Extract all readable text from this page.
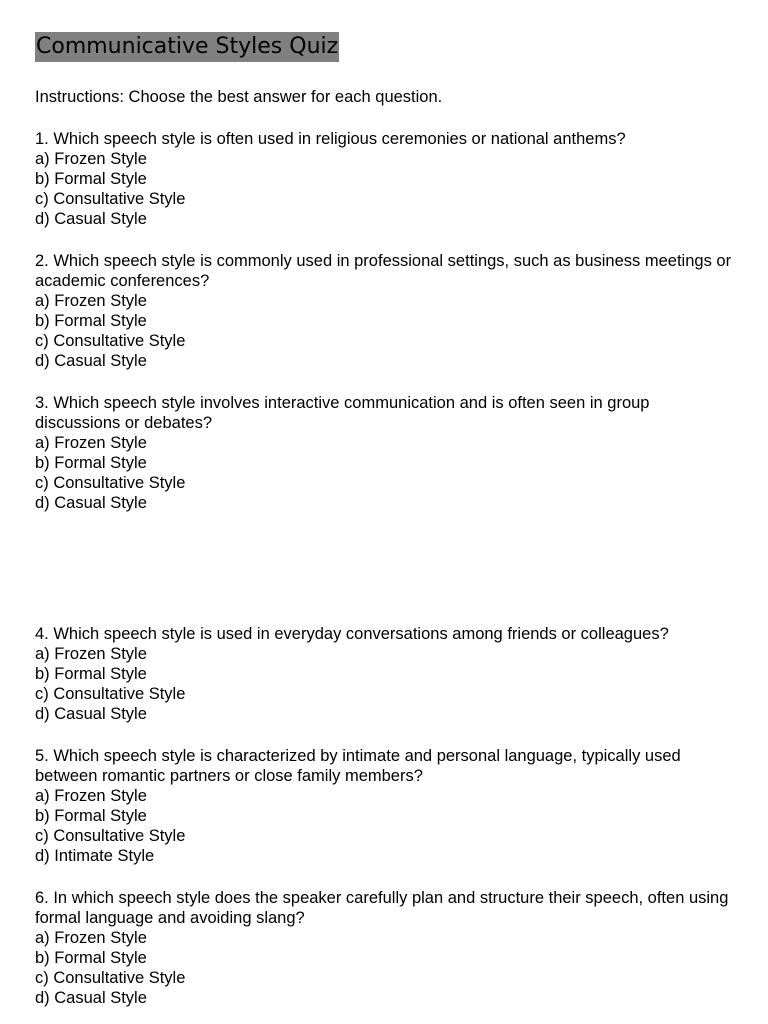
Communicative Styles Quiz
Instructions: Choose the best answer for each question.

1. Which speech style is often used in religious ceremonies or national anthems?

a) Frozen Style
b) Formal Style
c) Consultative Style
d) Casual Style

2. Which speech style is commonly used in professional settings, such as business meetings or academic conferences?

a) Frozen Style
b) Formal Style
c) Consultative Style
d) Casual Style

3. Which speech style involves interactive communication and is often seen in group discussions or debates?

a) Frozen Style
b) Formal Style
c) Consultative Style
d) Casual Style

4. Which speech style is used in everyday conversations among friends or colleagues?

a) Frozen Style
b) Formal Style
c) Consultative Style
d) Casual Style

5. Which speech style is characterized by intimate and personal language, typically used between romantic partners or close family members?

a) Frozen Style
b) Formal Style
c) Consultative Style
d) Intimate Style

6. In which speech style does the speaker carefully plan and structure their speech, often using formal language and avoiding slang?

a) Frozen Style
b) Formal Style
c) Consultative Style
d) Casual Style
